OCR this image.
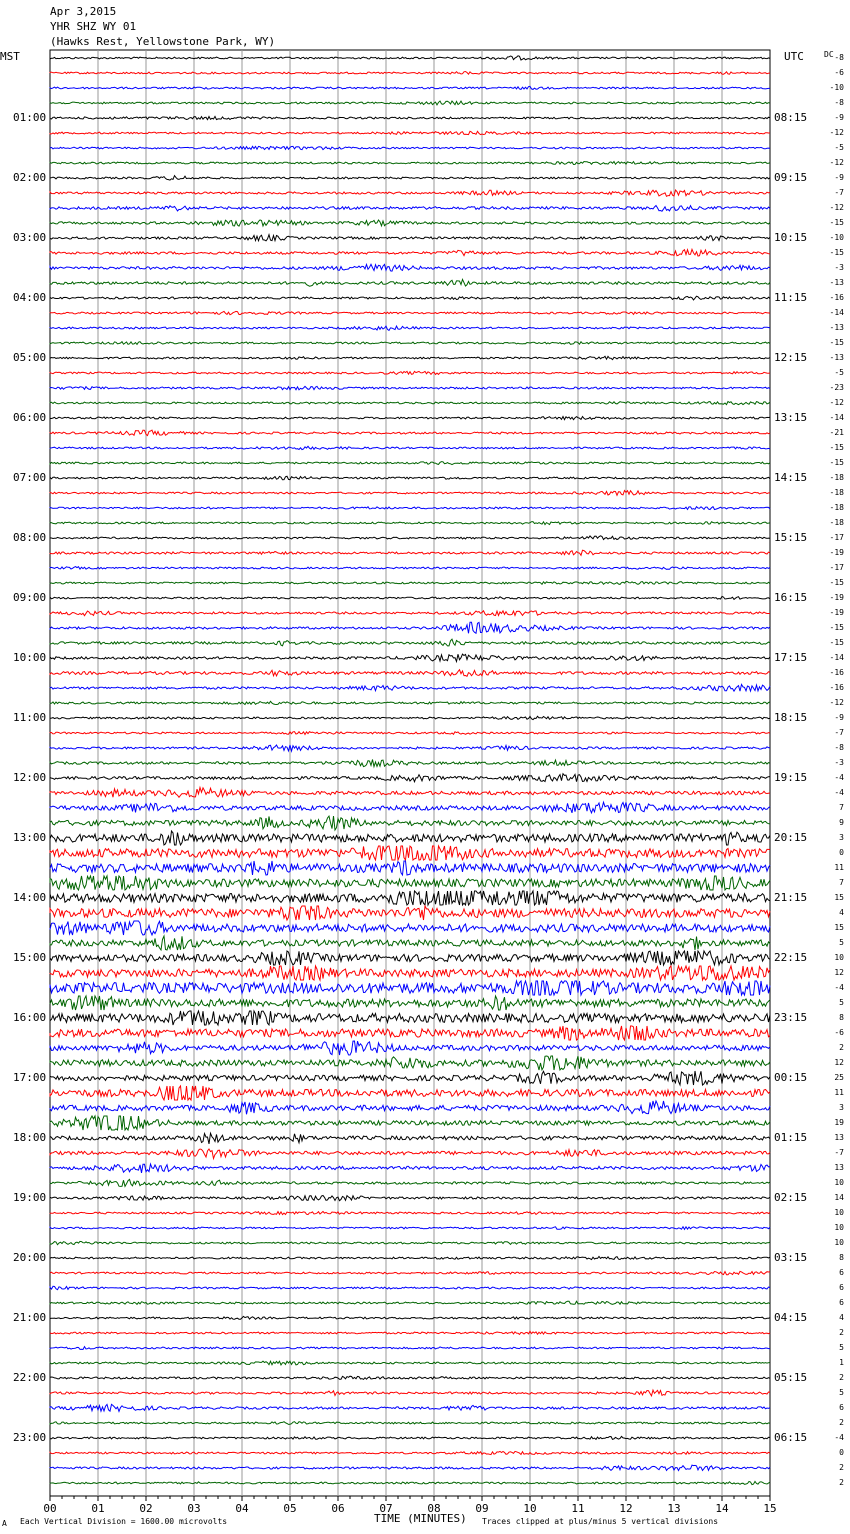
00	01	02	03	04	05	06	07	08	09	10	11	12	13	14	15
Apr 3,2015
YHR SHZ WY 01
(Hawks Rest, Yellowstone Park, WY)
MST	UTC	DC
01:00
02:00
03:00
04:00
05:00
06:00
07:00
08:00
09:00
10:00
11:00
12:00
13:00
14:00
15:00
16:00
17:00
18:00
19:00
20:00
21:00
22:00
23:00
08:15
09:15
10:15
11:15
12:15
13:15
14:15
15:15
16:15
17:15
18:15
19:15
20:15
21:15
22:15
23:15
00:15
01:15
02:15
03:15
04:15
05:15
06:15
-8
-6
-10
-8
-9
-12
-5
-12
-9
-7
-12
-15
-10
-15
-3
-13
-16
-14
-13
-15
-13
-5
-23
-12
-14
-21
-15
-15
-18
-18
-18
-18
-17
-19
-17
-15
-19
-19
-15
-15
-14
-16
-16
-12
-9
-7
-8
-3
-4
-4
7
9
3
0
11
7
15
4
15
5
10
12
-4
5
8
-6
2
12
25
11
3
19
13
-7
13
10
14
10
10
10
8
6
6
6
4
2
5
1
2
5
6
2
-4
0
2
2
A Each Vertical Division = 1600.00 microvolts	TIME (MINUTES) Traces clipped at plus/minus 5 vertical divisions
